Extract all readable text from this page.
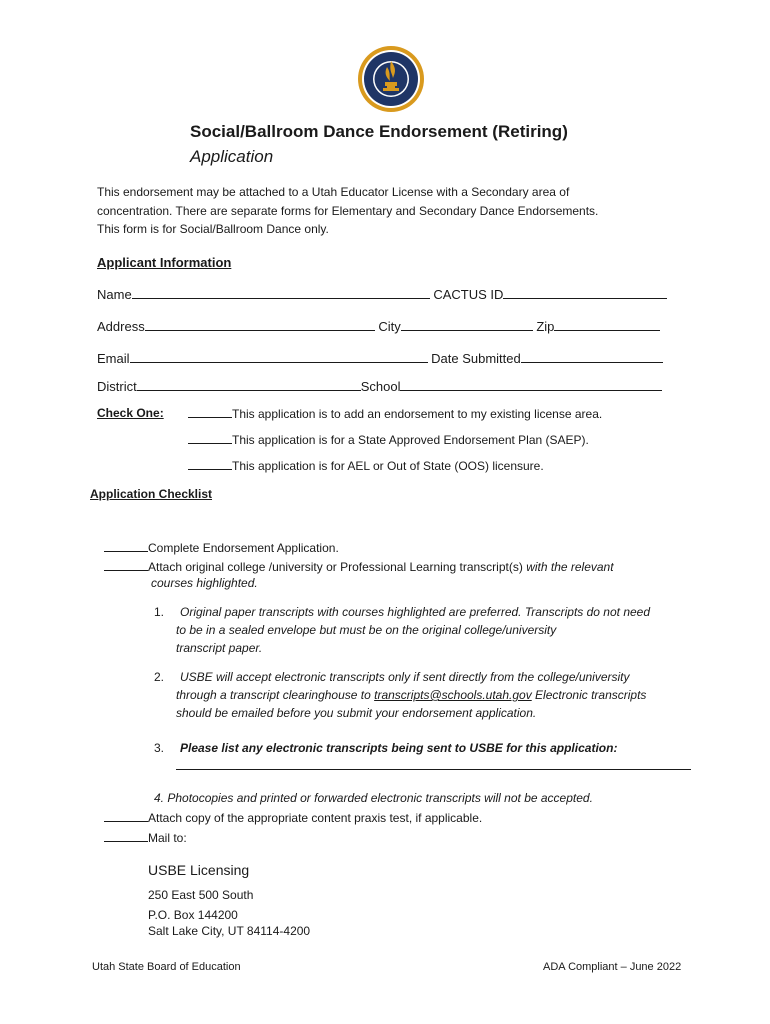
Social/Ballroom Dance Endorsement (Retiring)
Application
This endorsement may be attached to a Utah Educator License with a Secondary area of
concentration. There are separate forms for Elementary and Secondary Dance Endorsements.
This form is for Social/Ballroom Dance only.
Applicant Information
Name	CACTUS ID
Address	City	Zip
Email	Date Submitted
District	School
Check One:	This application is to add an endorsement to my existing license area.
This application is for a State Approved Endorsement Plan (SAEP).
This application is for AEL or Out of State (OOS) licensure.
Application Checklist
Complete Endorsement Application.
Attach original college /university or Professional Learning transcript(s) with the relevant
courses highlighted.
1. Original paper transcripts with courses highlighted are preferred. Transcripts do not need
to be in a sealed envelope but must be on the original college/university
transcript paper.
2. USBE will accept electronic transcripts only if sent directly from the college/university
through a transcript clearinghouse to transcripts@schools.utah.gov Electronic transcripts
should be emailed before you submit your endorsement application.
3. Please list any electronic transcripts being sent to USBE for this application:
4. Photocopies and printed or forwarded electronic transcripts will not be accepted.
Attach copy of the appropriate content praxis test, if applicable.
Mail to:
USBE Licensing
250 East 500 South
P.O. Box 144200
Salt Lake City, UT 84114-4200
Utah State Board of Education	ADA Compliant – June 2022
